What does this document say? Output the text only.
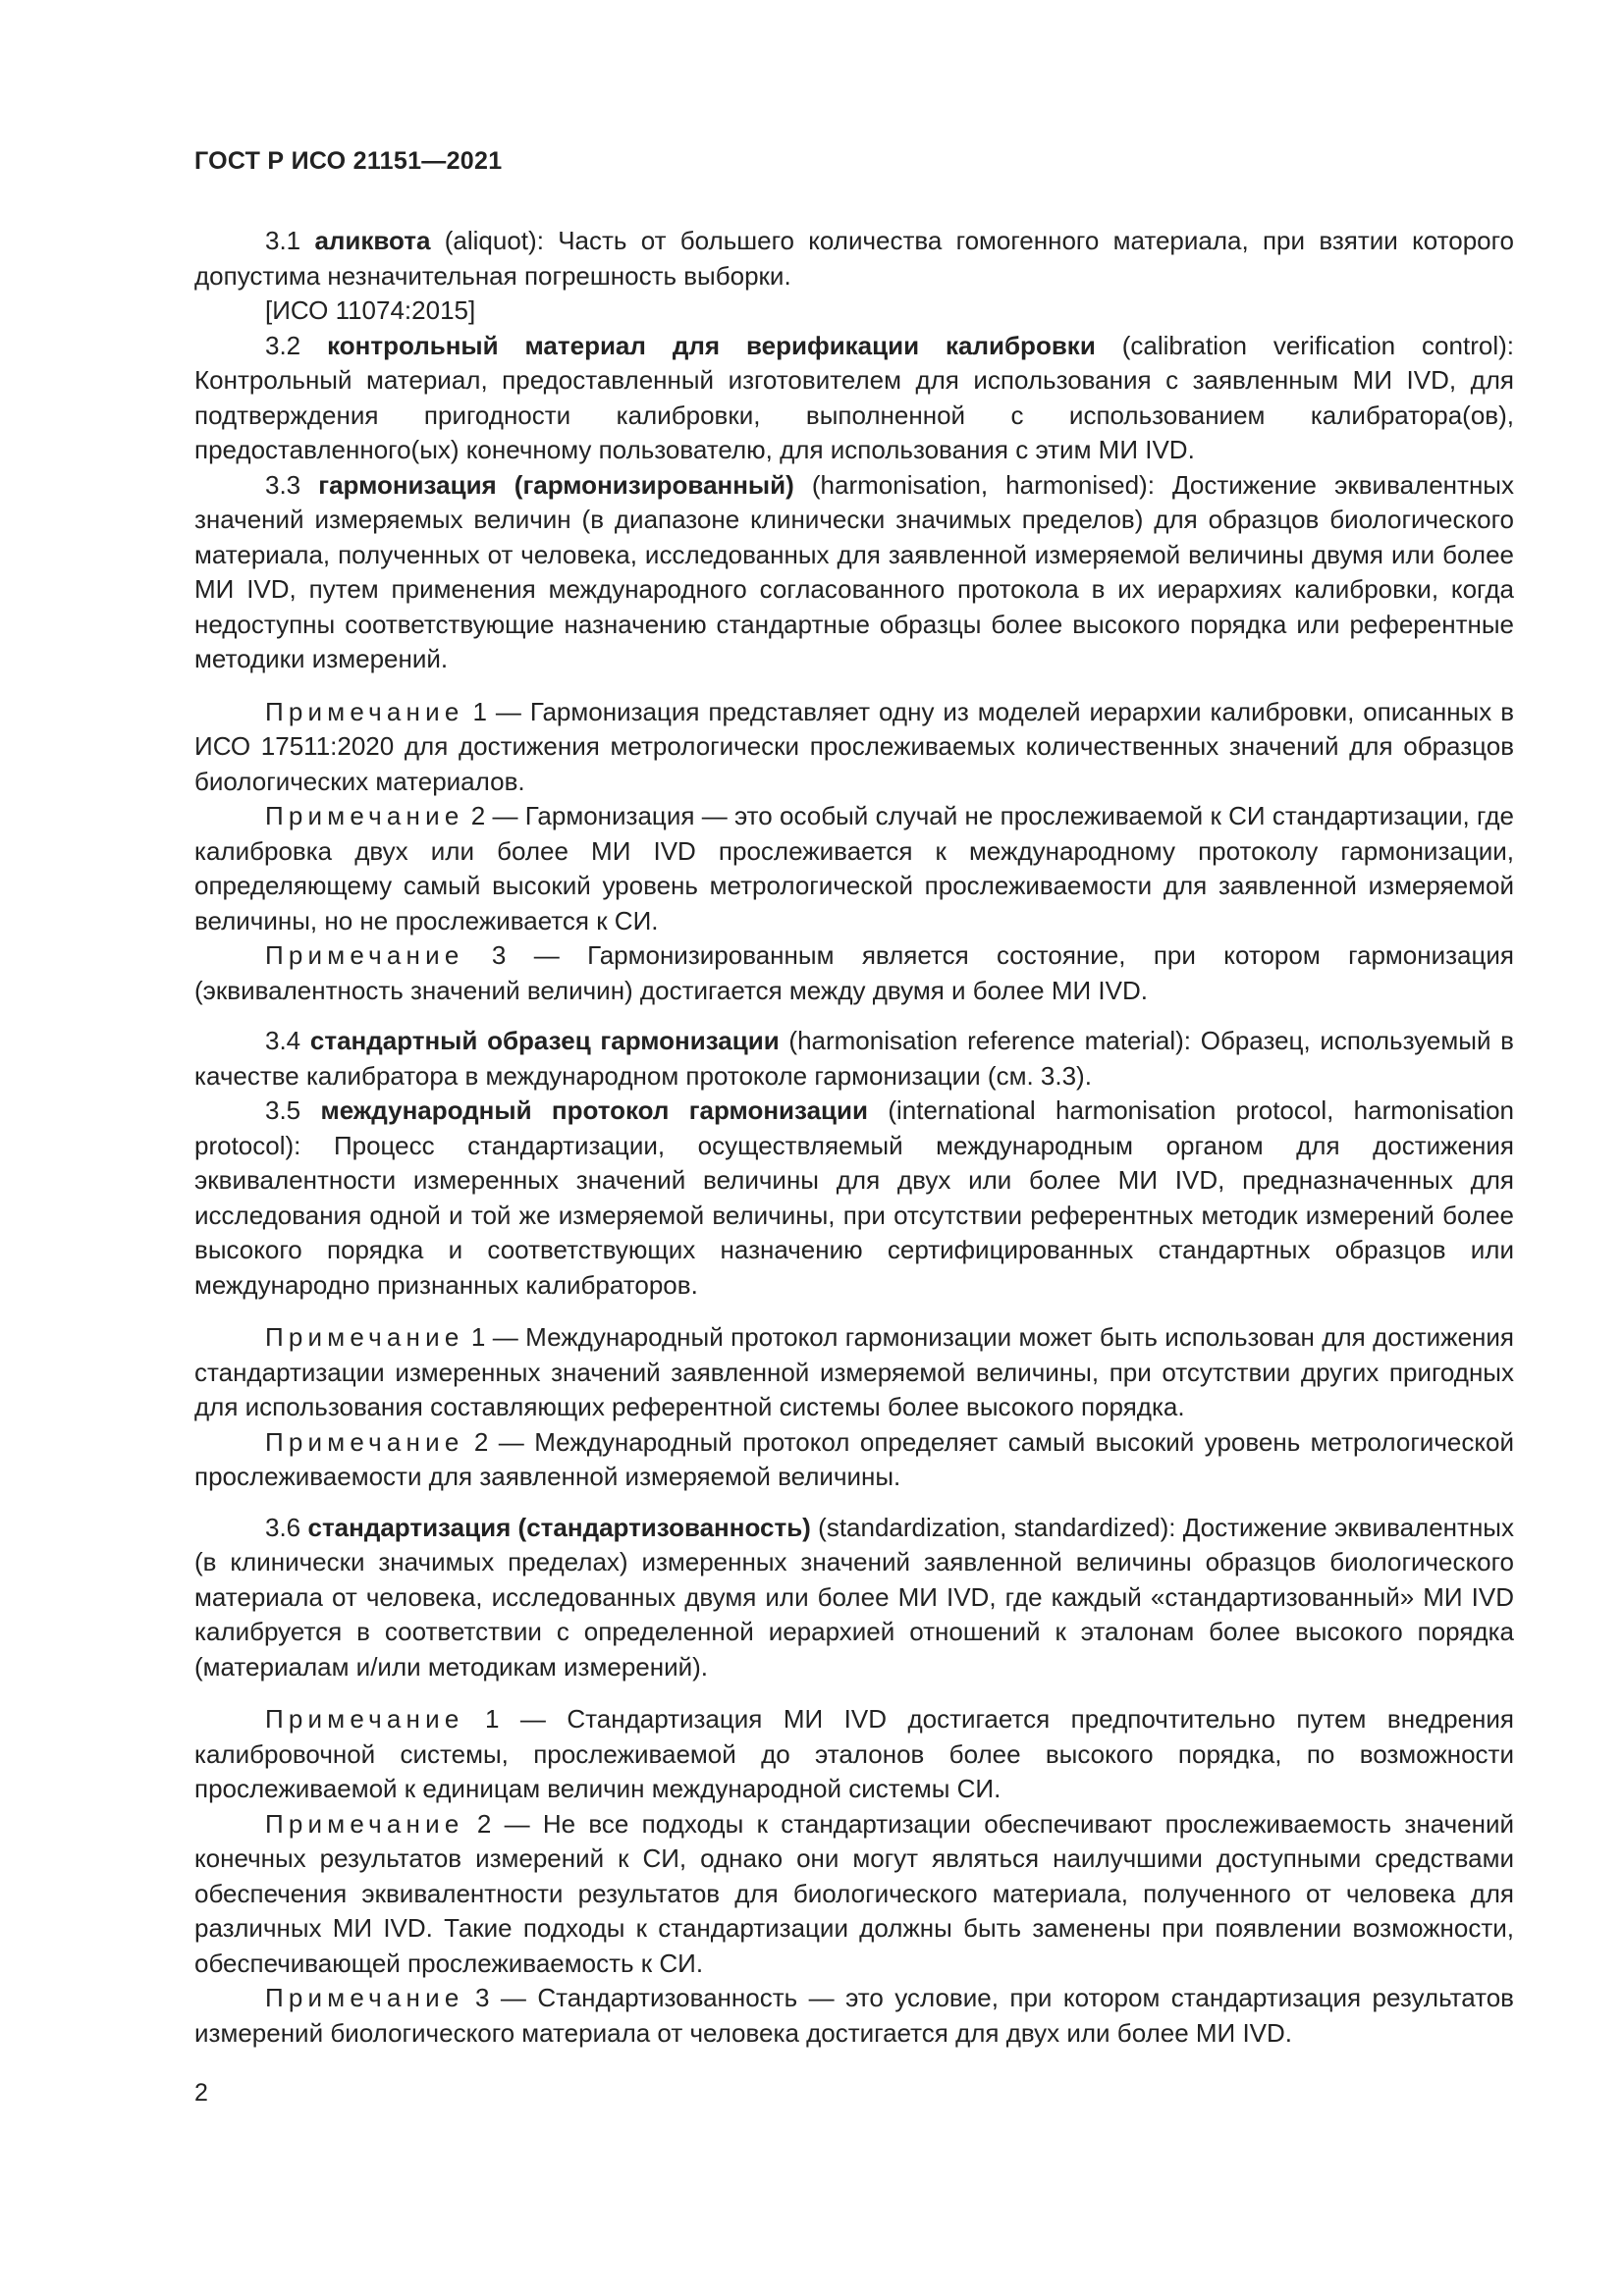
ГОСТ Р ИСО 21151—2021

3.1 аликвота (aliquot): Часть от большего количества гомогенного материала, при взятии которого допустима незначительная погрешность выборки.

[ИСО 11074:2015]

3.2 контрольный материал для верификации калибровки (calibration verification control): Контрольный материал, предоставленный изготовителем для использования с заявленным МИ IVD, для подтверждения пригодности калибровки, выполненной с использованием калибратора(ов), предоставленного(ых) конечному пользователю, для использования с этим МИ IVD.

3.3 гармонизация (гармонизированный) (harmonisation, harmonised): Достижение эквивалентных значений измеряемых величин (в диапазоне клинически значимых пределов) для образцов биологического материала, полученных от человека, исследованных для заявленной измеряемой величины двумя или более МИ IVD, путем применения международного согласованного протокола в их иерархиях калибровки, когда недоступны соответствующие назначению стандартные образцы более высокого порядка или референтные методики измерений.

Примечание 1 — Гармонизация представляет одну из моделей иерархии калибровки, описанных в ИСО 17511:2020 для достижения метрологически прослеживаемых количественных значений для образцов биологических материалов.

Примечание 2 — Гармонизация — это особый случай не прослеживаемой к СИ стандартизации, где калибровка двух или более МИ IVD прослеживается к международному протоколу гармонизации, определяющему самый высокий уровень метрологической прослеживаемости для заявленной измеряемой величины, но не прослеживается к СИ.

Примечание 3 — Гармонизированным является состояние, при котором гармонизация (эквивалентность значений величин) достигается между двумя и более МИ IVD.

3.4 стандартный образец гармонизации (harmonisation reference material): Образец, используемый в качестве калибратора в международном протоколе гармонизации (см. 3.3).

3.5 международный протокол гармонизации (international harmonisation protocol, harmonisation protocol): Процесс стандартизации, осуществляемый международным органом для достижения эквивалентности измеренных значений величины для двух или более МИ IVD, предназначенных для исследования одной и той же измеряемой величины, при отсутствии референтных методик измерений более высокого порядка и соответствующих назначению сертифицированных стандартных образцов или международно признанных калибраторов.

Примечание 1 — Международный протокол гармонизации может быть использован для достижения стандартизации измеренных значений заявленной измеряемой величины, при отсутствии других пригодных для использования составляющих референтной системы более высокого порядка.

Примечание 2 — Международный протокол определяет самый высокий уровень метрологической прослеживаемости для заявленной измеряемой величины.

3.6 стандартизация (стандартизованность) (standardization, standardized): Достижение эквивалентных (в клинически значимых пределах) измеренных значений заявленной величины образцов биологического материала от человека, исследованных двумя или более МИ IVD, где каждый «стандартизованный» МИ IVD калибруется в соответствии с определенной иерархией отношений к эталонам более высокого порядка (материалам и/или методикам измерений).

Примечание 1 — Стандартизация МИ IVD достигается предпочтительно путем внедрения калибровочной системы, прослеживаемой до эталонов более высокого порядка, по возможности прослеживаемой к единицам величин международной системы СИ.

Примечание 2 — Не все подходы к стандартизации обеспечивают прослеживаемость значений конечных результатов измерений к СИ, однако они могут являться наилучшими доступными средствами обеспечения эквивалентности результатов для биологического материала, полученного от человека для различных МИ IVD. Такие подходы к стандартизации должны быть заменены при появлении возможности, обеспечивающей прослеживаемость к СИ.

Примечание 3 — Стандартизованность — это условие, при котором стандартизация результатов измерений биологического материала от человека достигается для двух или более МИ IVD.

2
